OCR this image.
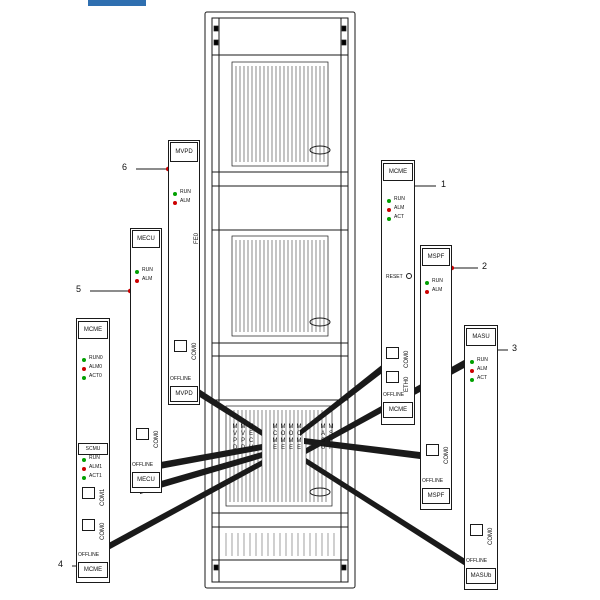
M
V
P
D
M
V
P
D
M
E
C
U
M
C
M
E
M
O
M
E
M
O
M
E
M
C
M
E
M
A
S
U
M
S
P
F
MVPD
RUN
ALM
FE0
COM0
OFFLINE
MVPD
MECU
RUN
ALM
COM0
OFFLINE
MECU
MCME
RUN0
ALM0
ACT0
SCMU
RUN
ALM1
ACT1
COM1
COM0
OFFLINE
MCME
MCME
RUN
ALM
ACT
RESET
COM0
ETH0
OFFLINE
MCME
MSPF
RUN
ALM
COM0
OFFLINE
MSPF
MASU
RUN
ALM
ACT
COM0
OFFLINE
MASUb
1
2
3
4
5
6
